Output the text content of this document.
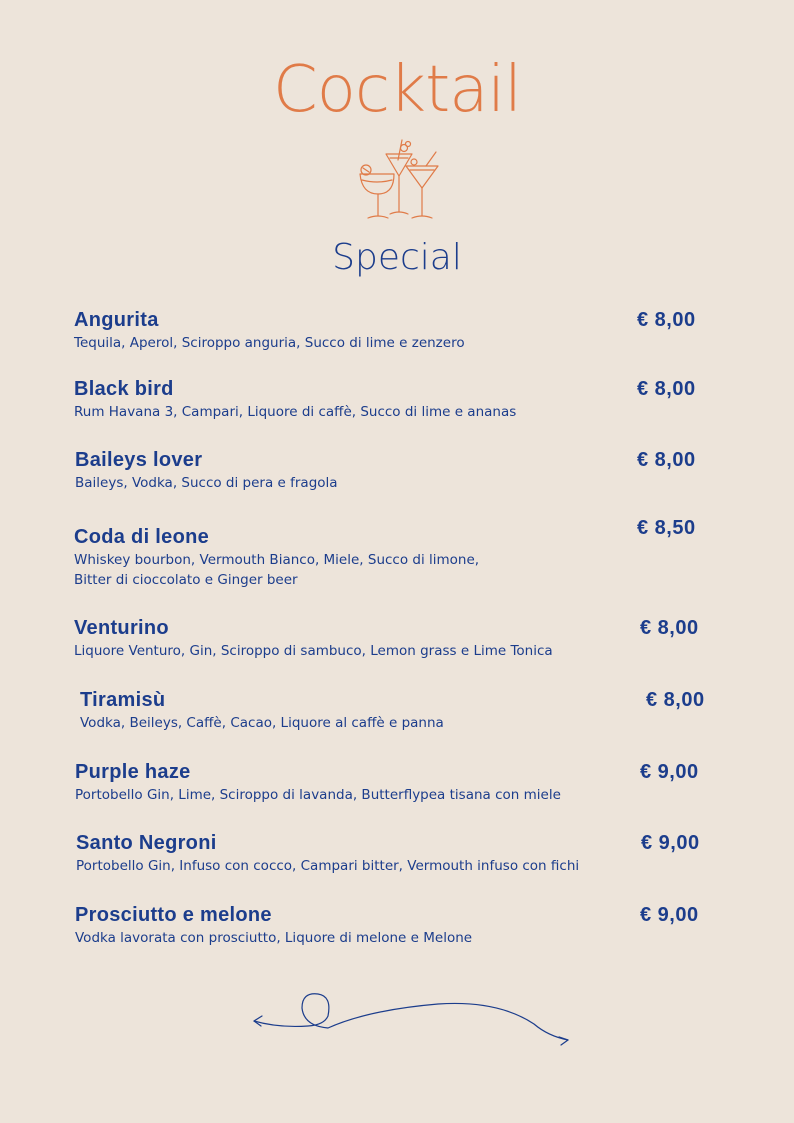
Cocktail
Special
Angurita
Tequila, Aperol, Sciroppo anguria, Succo di lime e zenzero
€ 8,00
Black bird
Rum Havana 3, Campari, Liquore di caffè, Succo di lime e ananas
€ 8,00
Baileys lover
Baileys, Vodka, Succo di pera e fragola
€ 8,00
Coda di leone
Whiskey bourbon, Vermouth Bianco, Miele, Succo di limone,
Bitter di cioccolato e Ginger beer
€ 8,50
Venturino
Liquore Venturo, Gin, Sciroppo di sambuco, Lemon grass e Lime Tonica
€ 8,00
Tiramisù
Vodka, Beileys, Caffè, Cacao, Liquore al caffè e panna
€ 8,00
Purple haze
Portobello Gin, Lime, Sciroppo di lavanda, Butterflypea tisana con miele
€ 9,00
Santo Negroni
Portobello Gin, Infuso con cocco, Campari bitter, Vermouth infuso con fichi
€ 9,00
Prosciutto e melone
Vodka lavorata con prosciutto, Liquore di melone e Melone
€ 9,00
